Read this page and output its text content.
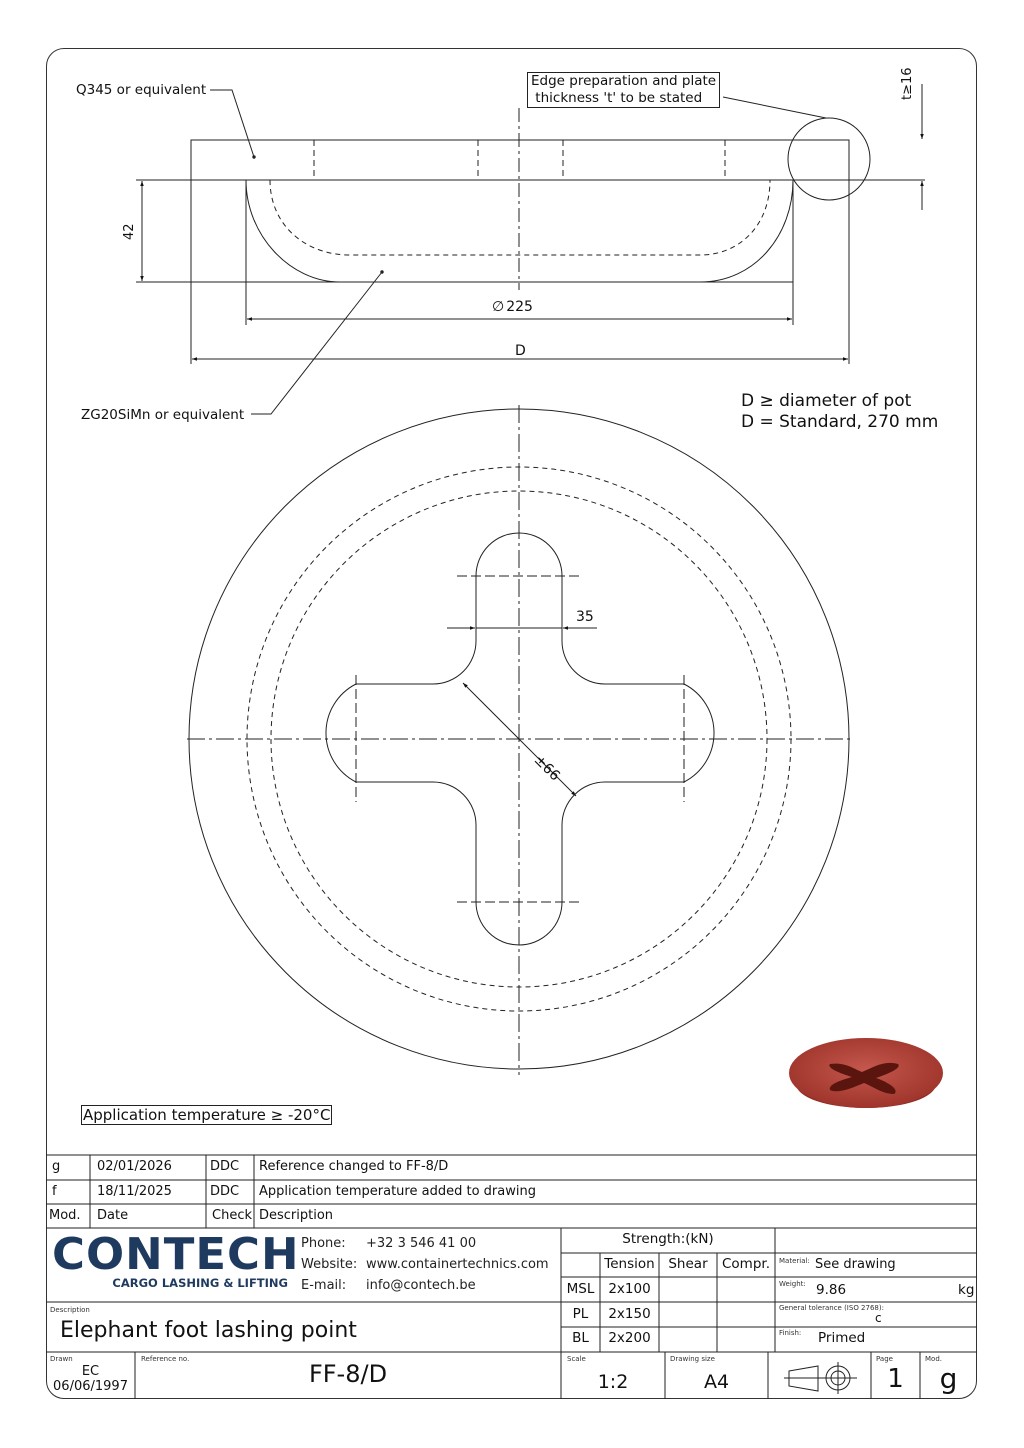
Q345 or equivalent
Edge preparation and plate
thickness 't' to be stated	t≥16
42
∅ 225
D
ZG20SiMn or equivalent
D ≥ diameter of pot
D = Standard, 270 mm
35
±66
Application temperature ≥ -20°C
g	02/01/2026	DDC Reference changed to FF-8/D
f	18/11/2025	DDC Application temperature added to drawing
Mod. Date	Check Description
CONTECH
CARGO LASHING & LIFTING
Phone: +32 3 546 41 00
Website: www.containertechnics.com
E-mail: info@contech.be
Description
Elephant foot lashing point
Drawn
EC
06/06/1997
Reference no.
FF-8/D
Strength:(kN)
Tension	Shear	Compr.
MSL	2x100
PL	2x150
BL	2x200
Material: See drawing
Weight: 9.86	kg
General tolerance (ISO 2768):
c
Finish: Primed
Scale
1:2
Drawing size
A4
Page
1
Mod.
g
